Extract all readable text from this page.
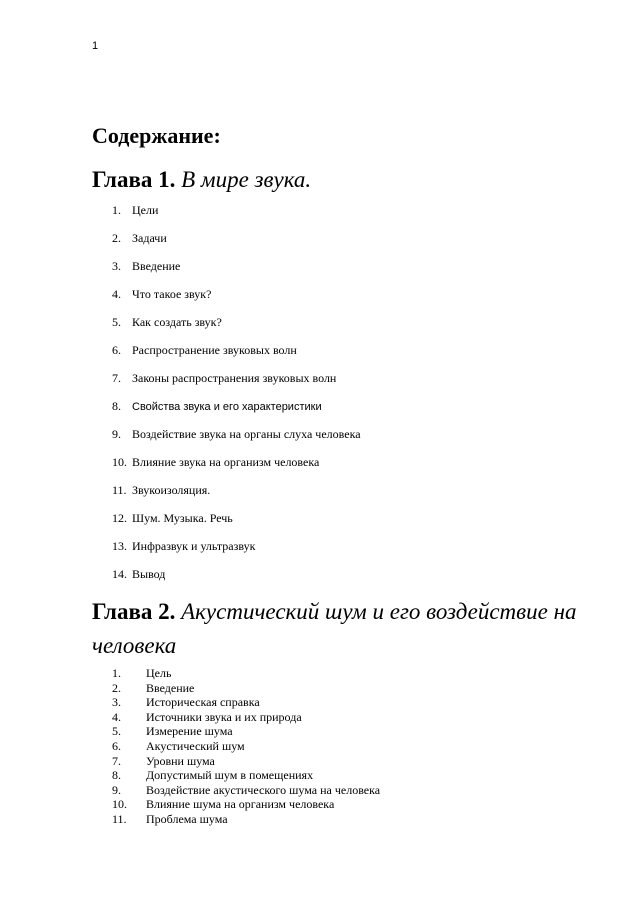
1
Содержание:
Глава 1. В мире звука.
1. Цели
2. Задачи
3. Введение
4. Что такое звук?
5. Как создать звук?
6. Распространение звуковых волн
7. Законы распространения звуковых волн
8.	Свойства звука и его характеристики
9. Воздействие звука на органы слуха человека
10. Влияние звука на организм человека
11. Звукоизоляция.
12. Шум. Музыка. Речь
13. Инфразвук и ультразвук
14. Вывод
Глава 2. Акустический шум и его воздействие на человека
1.	Цель
2.	Введение
3.	Историческая справка
4.	Источники звука и их природа
5.	Измерение шума
6.	Акустический шум
7.	Уровни шума
8.	Допустимый шум в помещениях
9.	Воздействие акустического шума на человека
10.	Влияние шума на организм человека
11.	Проблема шума
